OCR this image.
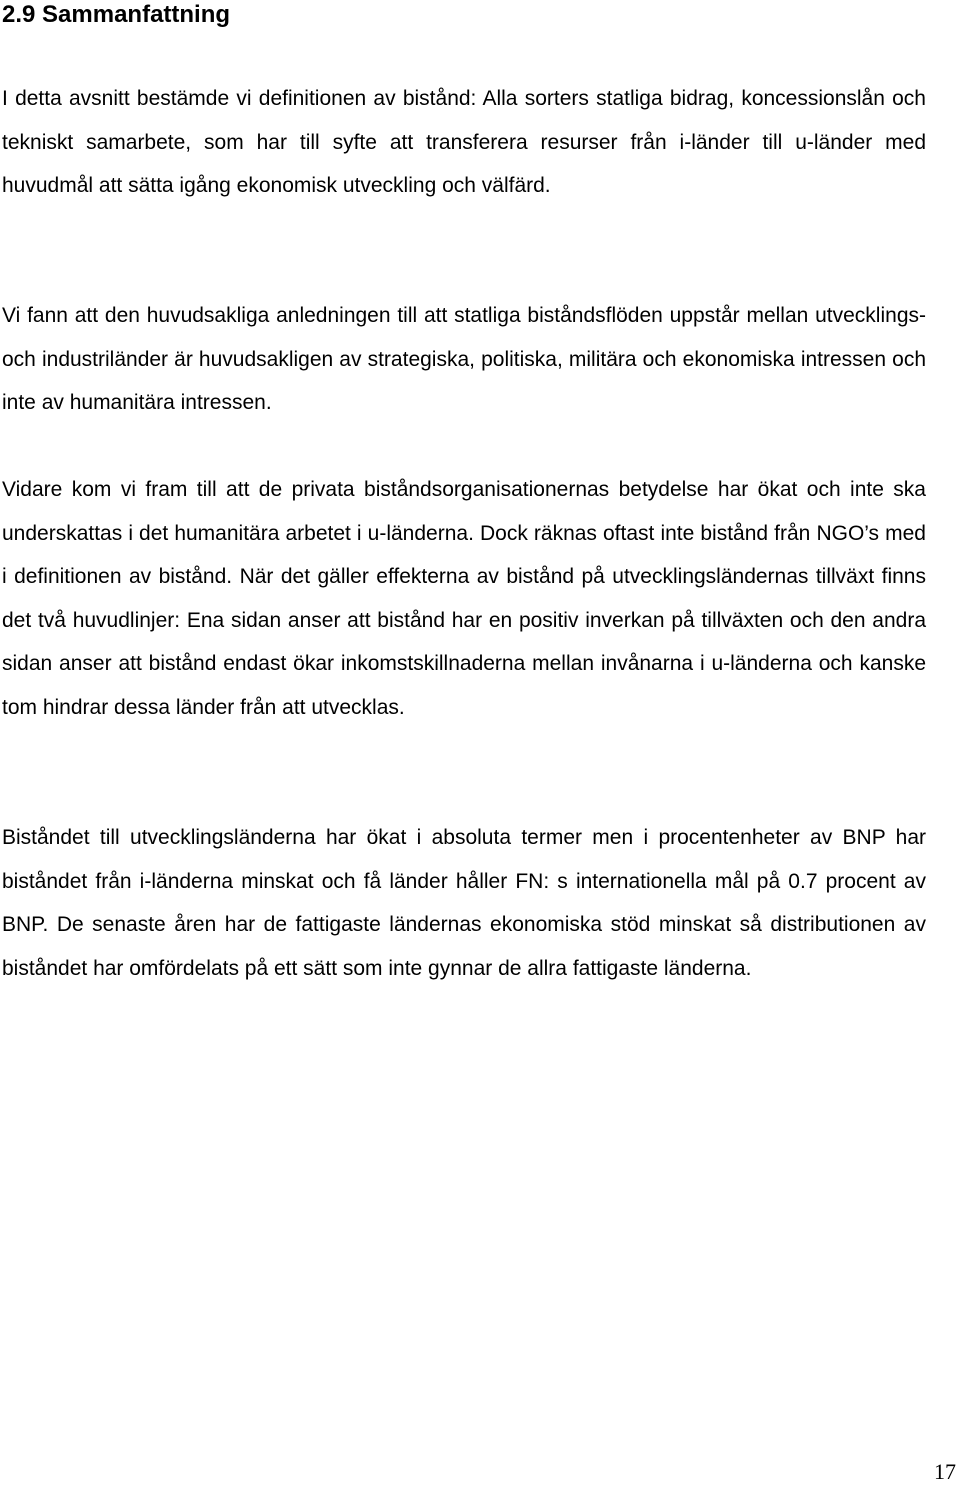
2.9 Sammanfattning

I detta avsnitt bestämde vi definitionen av bistånd: Alla sorters statliga bidrag, koncessionslån och tekniskt samarbete, som har till syfte att transferera resurser från i-länder till u-länder med huvudmål att sätta igång ekonomisk utveckling och välfärd.

Vi fann att den huvudsakliga anledningen till att statliga biståndsflöden uppstår mellan utvecklings- och industriländer är huvudsakligen av strategiska, politiska, militära och ekonomiska intressen och inte av humanitära intressen.

Vidare kom vi fram till att de privata biståndsorganisationernas betydelse har ökat och inte ska underskattas i det humanitära arbetet i u-länderna. Dock räknas oftast inte bistånd från NGO’s med i definitionen av bistånd. När det gäller effekterna av bistånd på utvecklingsländernas tillväxt finns det två huvudlinjer: Ena sidan anser att bistånd har en positiv inverkan på tillväxten och den andra sidan anser att bistånd endast ökar inkomstskillnaderna mellan invånarna i u-länderna och kanske tom hindrar dessa länder från att utvecklas.

Biståndet till utvecklingsländerna har ökat i absoluta termer men i procentenheter av BNP har biståndet från i-länderna minskat och få länder håller FN: s internationella mål på 0.7 procent av BNP. De senaste åren har de fattigaste ländernas ekonomiska stöd minskat så distributionen av biståndet har omfördelats på ett sätt som inte gynnar de allra fattigaste länderna.

17
